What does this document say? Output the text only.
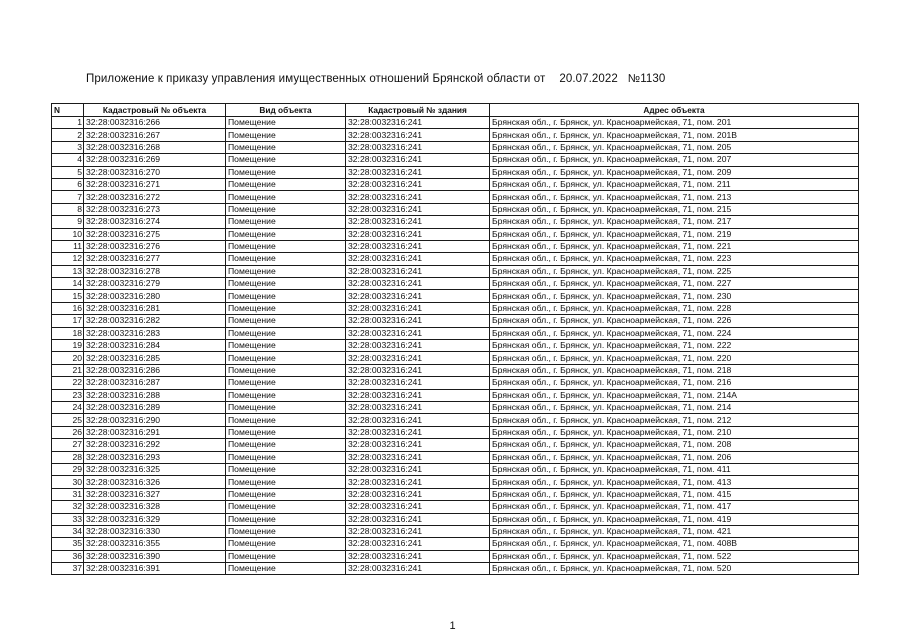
Приложение к приказу управления имущественных отношений Брянской области от 20.07.2022 №1130
N	Кадастровый № объекта	Вид объекта	Кадастровый № здания	Адрес объекта
1	32:28:0032316:266	Помещение	32:28:0032316:241	Брянская обл., г. Брянск, ул. Красноармейская, 71, пом. 201
2	32:28:0032316:267	Помещение	32:28:0032316:241	Брянская обл., г. Брянск, ул. Красноармейская, 71, пом. 201В
3	32:28:0032316:268	Помещение	32:28:0032316:241	Брянская обл., г. Брянск, ул. Красноармейская, 71, пом. 205
4	32:28:0032316:269	Помещение	32:28:0032316:241	Брянская обл., г. Брянск, ул. Красноармейская, 71, пом. 207
5	32:28:0032316:270	Помещение	32:28:0032316:241	Брянская обл., г. Брянск, ул. Красноармейская, 71, пом. 209
6	32:28:0032316:271	Помещение	32:28:0032316:241	Брянская обл., г. Брянск, ул. Красноармейская, 71, пом. 211
7	32:28:0032316:272	Помещение	32:28:0032316:241	Брянская обл., г. Брянск, ул. Красноармейская, 71, пом. 213
8	32:28:0032316:273	Помещение	32:28:0032316:241	Брянская обл., г. Брянск, ул. Красноармейская, 71, пом. 215
9	32:28:0032316:274	Помещение	32:28:0032316:241	Брянская обл., г. Брянск, ул. Красноармейская, 71, пом. 217
10	32:28:0032316:275	Помещение	32:28:0032316:241	Брянская обл., г. Брянск, ул. Красноармейская, 71, пом. 219
11	32:28:0032316:276	Помещение	32:28:0032316:241	Брянская обл., г. Брянск, ул. Красноармейская, 71, пом. 221
12	32:28:0032316:277	Помещение	32:28:0032316:241	Брянская обл., г. Брянск, ул. Красноармейская, 71, пом. 223
13	32:28:0032316:278	Помещение	32:28:0032316:241	Брянская обл., г. Брянск, ул. Красноармейская, 71, пом. 225
14	32:28:0032316:279	Помещение	32:28:0032316:241	Брянская обл., г. Брянск, ул. Красноармейская, 71, пом. 227
15	32:28:0032316:280	Помещение	32:28:0032316:241	Брянская обл., г. Брянск, ул. Красноармейская, 71, пом. 230
16	32:28:0032316:281	Помещение	32:28:0032316:241	Брянская обл., г. Брянск, ул. Красноармейская, 71, пом. 228
17	32:28:0032316:282	Помещение	32:28:0032316:241	Брянская обл., г. Брянск, ул. Красноармейская, 71, пом. 226
18	32:28:0032316:283	Помещение	32:28:0032316:241	Брянская обл., г. Брянск, ул. Красноармейская, 71, пом. 224
19	32:28:0032316:284	Помещение	32:28:0032316:241	Брянская обл., г. Брянск, ул. Красноармейская, 71, пом. 222
20	32:28:0032316:285	Помещение	32:28:0032316:241	Брянская обл., г. Брянск, ул. Красноармейская, 71, пом. 220
21	32:28:0032316:286	Помещение	32:28:0032316:241	Брянская обл., г. Брянск, ул. Красноармейская, 71, пом. 218
22	32:28:0032316:287	Помещение	32:28:0032316:241	Брянская обл., г. Брянск, ул. Красноармейская, 71, пом. 216
23	32:28:0032316:288	Помещение	32:28:0032316:241	Брянская обл., г. Брянск, ул. Красноармейская, 71, пом. 214А
24	32:28:0032316:289	Помещение	32:28:0032316:241	Брянская обл., г. Брянск, ул. Красноармейская, 71, пом. 214
25	32:28:0032316:290	Помещение	32:28:0032316:241	Брянская обл., г. Брянск, ул. Красноармейская, 71, пом. 212
26	32:28:0032316:291	Помещение	32:28:0032316:241	Брянская обл., г. Брянск, ул. Красноармейская, 71, пом. 210
27	32:28:0032316:292	Помещение	32:28:0032316:241	Брянская обл., г. Брянск, ул. Красноармейская, 71, пом. 208
28	32:28:0032316:293	Помещение	32:28:0032316:241	Брянская обл., г. Брянск, ул. Красноармейская, 71, пом. 206
29	32:28:0032316:325	Помещение	32:28:0032316:241	Брянская обл., г. Брянск, ул. Красноармейская, 71, пом. 411
30	32:28:0032316:326	Помещение	32:28:0032316:241	Брянская обл., г. Брянск, ул. Красноармейская, 71, пом. 413
31	32:28:0032316:327	Помещение	32:28:0032316:241	Брянская обл., г. Брянск, ул. Красноармейская, 71, пом. 415
32	32:28:0032316:328	Помещение	32:28:0032316:241	Брянская обл., г. Брянск, ул. Красноармейская, 71, пом. 417
33	32:28:0032316:329	Помещение	32:28:0032316:241	Брянская обл., г. Брянск, ул. Красноармейская, 71, пом. 419
34	32:28:0032316:330	Помещение	32:28:0032316:241	Брянская обл., г. Брянск, ул. Красноармейская, 71, пом. 421
35	32:28:0032316:355	Помещение	32:28:0032316:241	Брянская обл., г. Брянск, ул. Красноармейская, 71, пом. 408В
36	32:28:0032316:390	Помещение	32:28:0032316:241	Брянская обл., г. Брянск, ул. Красноармейская, 71, пом. 522
37	32:28:0032316:391	Помещение	32:28:0032316:241	Брянская обл., г. Брянск, ул. Красноармейская, 71, пом. 520
1
